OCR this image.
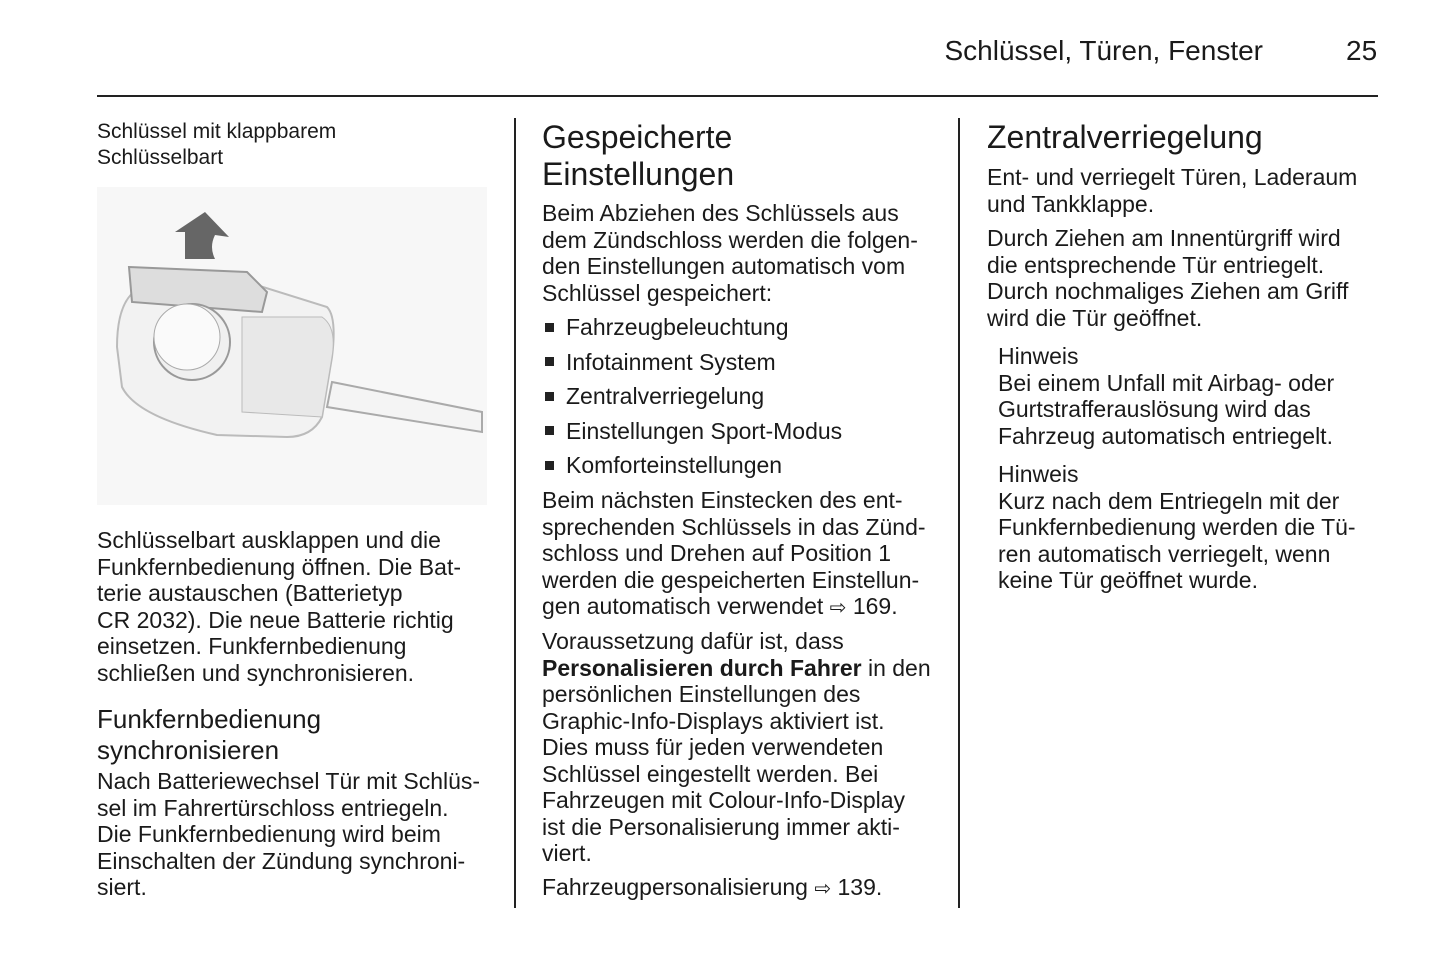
Schlüssel, Türen, Fenster	25
Schlüssel mit klappbarem
Schlüsselbart
Schlüsselbart ausklappen und die
Funkfernbedienung öffnen. Die Bat-
terie austauschen (Batterietyp
CR 2032). Die neue Batterie richtig
einsetzen. Funkfernbedienung
schließen und synchronisieren.
Funkfernbedienung
synchronisieren
Nach Batteriewechsel Tür mit Schlüs-
sel im Fahrertürschloss entriegeln.
Die Funkfernbedienung wird beim
Einschalten der Zündung synchroni-
siert.
Gespeicherte
Einstellungen
Beim Abziehen des Schlüssels aus
dem Zündschloss werden die folgen-
den Einstellungen automatisch vom
Schlüssel gespeichert:
Fahrzeugbeleuchtung
Infotainment System
Zentralverriegelung
Einstellungen Sport-Modus
Komforteinstellungen
Beim nächsten Einstecken des ent-
sprechenden Schlüssels in das Zünd-
schloss und Drehen auf Position 1
werden die gespeicherten Einstellun-
gen automatisch verwendet ⇨ 169.
Voraussetzung dafür ist, dass
Personalisieren durch Fahrer in den
persönlichen Einstellungen des
Graphic-Info-Displays aktiviert ist.
Dies muss für jeden verwendeten
Schlüssel eingestellt werden. Bei
Fahrzeugen mit Colour-Info-Display
ist die Personalisierung immer akti-
viert.
Fahrzeugpersonalisierung ⇨ 139.
Zentralverriegelung
Ent- und verriegelt Türen, Laderaum
und Tankklappe.
Durch Ziehen am Innentürgriff wird
die entsprechende Tür entriegelt.
Durch nochmaliges Ziehen am Griff
wird die Tür geöffnet.
Hinweis
Bei einem Unfall mit Airbag- oder
Gurtstrafferauslösung wird das
Fahrzeug automatisch entriegelt.
Hinweis
Kurz nach dem Entriegeln mit der
Funkfernbedienung werden die Tü-
ren automatisch verriegelt, wenn
keine Tür geöffnet wurde.
